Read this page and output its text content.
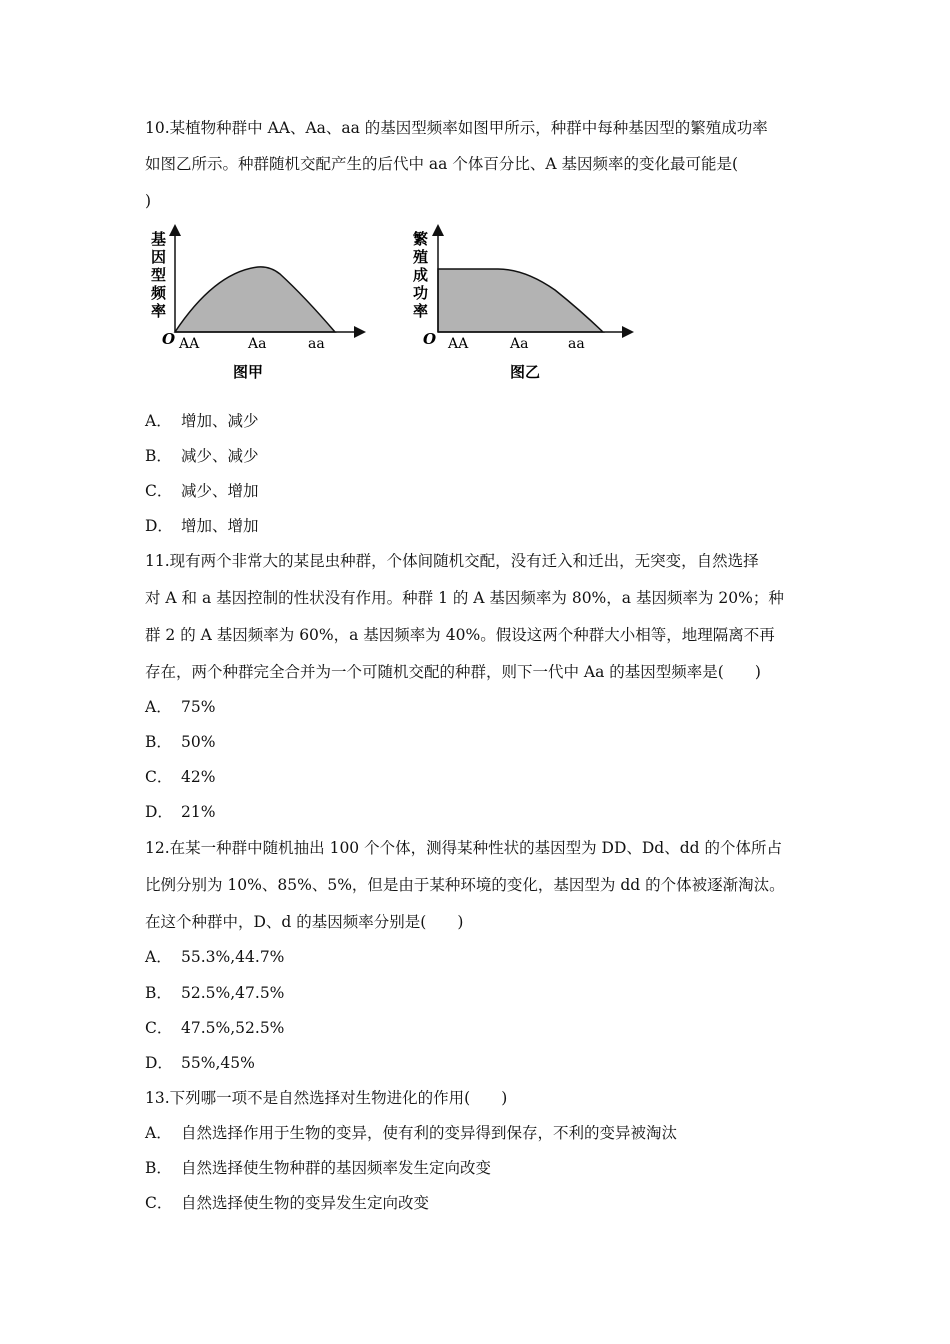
10.某植物种群中 AA、Aa、aa 的基因型频率如图甲所示，种群中每种基因型的繁殖成功率
如图乙所示。种群随机交配产生的后代中 aa 个体百分比、A 基因频率的变化最可能是(
)
基
因
型
频
率
O AA	Aa	aa
图甲
繁
殖
成
功
率
O AA	Aa	aa
图乙
A． 增加、减少
B． 减少、减少
C． 减少、增加
D． 增加、增加
11.现有两个非常大的某昆虫种群，个体间随机交配，没有迁入和迁出，无突变，自然选择
对 A 和 a 基因控制的性状没有作用。种群 1 的 A 基因频率为 80%，a 基因频率为 20%；种
群 2 的 A 基因频率为 60%，a 基因频率为 40%。假设这两个种群大小相等，地理隔离不再
存在，两个种群完全合并为一个可随机交配的种群，则下一代中 Aa 的基因型频率是(　　)
A． 75%
B． 50%
C． 42%
D． 21%
12.在某一种群中随机抽出 100 个个体，测得某种性状的基因型为 DD、Dd、dd 的个体所占
比例分别为 10%、85%、5%，但是由于某种环境的变化，基因型为 dd 的个体被逐渐淘汰。
在这个种群中，D、d 的基因频率分别是(　　)
A． 55.3%,44.7%
B． 52.5%,47.5%
C． 47.5%,52.5%
D． 55%,45%
13.下列哪一项不是自然选择对生物进化的作用(　　)
A． 自然选择作用于生物的变异，使有利的变异得到保存，不利的变异被淘汰
B． 自然选择使生物种群的基因频率发生定向改变
C． 自然选择使生物的变异发生定向改变
